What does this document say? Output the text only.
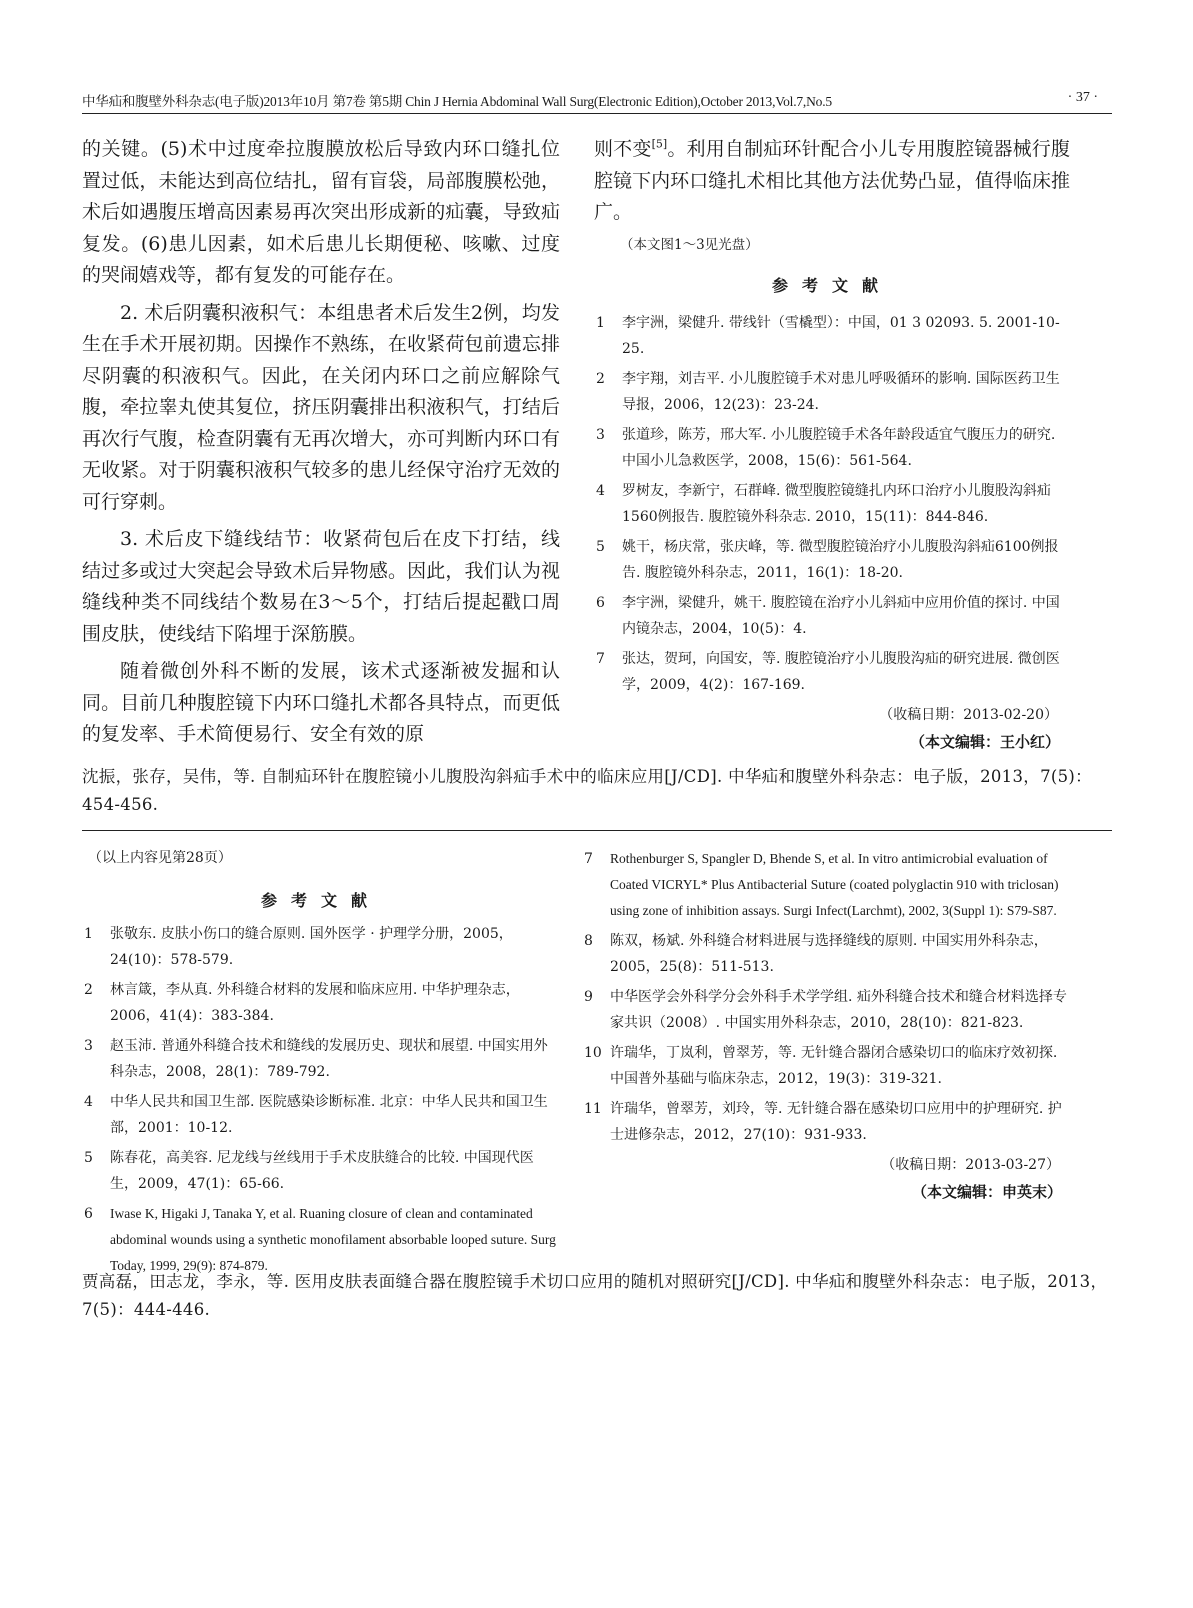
中华疝和腹壁外科杂志(电子版)2013年10月 第7卷 第5期 Chin J Hernia Abdominal Wall Surg(Electronic Edition),October 2013,Vol.7,No.5	· 37 ·

的关键。(5)术中过度牵拉腹膜放松后导致内环口缝扎位置过低，未能达到高位结扎，留有盲袋，局部腹膜松弛，术后如遇腹压增高因素易再次突出形成新的疝囊，导致疝复发。(6)患儿因素，如术后患儿长期便秘、咳嗽、过度的哭闹嬉戏等，都有复发的可能存在。

2. 术后阴囊积液积气：本组患者术后发生2例，均发生在手术开展初期。因操作不熟练，在收紧荷包前遗忘排尽阴囊的积液积气。因此，在关闭内环口之前应解除气腹，牵拉睾丸使其复位，挤压阴囊排出积液积气，打结后再次行气腹，检查阴囊有无再次增大，亦可判断内环口有无收紧。对于阴囊积液积气较多的患儿经保守治疗无效的可行穿刺。

3. 术后皮下缝线结节：收紧荷包后在皮下打结，线结过多或过大突起会导致术后异物感。因此，我们认为视缝线种类不同线结个数易在3～5个，打结后提起戳口周围皮肤，使线结下陷埋于深筋膜。

随着微创外科不断的发展，该术式逐渐被发掘和认同。目前几种腹腔镜下内环口缝扎术都各具特点，而更低的复发率、手术简便易行、安全有效的原

则不变[5]。利用自制疝环针配合小儿专用腹腔镜器械行腹腔镜下内环口缝扎术相比其他方法优势凸显，值得临床推广。

（本文图1～3见光盘）
参考文献
1 李宇洲，梁健升. 带线针（雪橇型）：中国，01 3 02093. 5. 2001-10-25.
2 李宇翔，刘吉平. 小儿腹腔镜手术对患儿呼吸循环的影响. 国际医药卫生导报，2006，12(23)：23-24.
3 张道珍，陈芳，邢大军. 小儿腹腔镜手术各年龄段适宜气腹压力的研究. 中国小儿急救医学，2008，15(6)：561-564.
4 罗树友，李新宁，石群峰. 微型腹腔镜缝扎内环口治疗小儿腹股沟斜疝1560例报告. 腹腔镜外科杂志. 2010，15(11)：844-846.
5 姚干，杨庆常，张庆峰，等. 微型腹腔镜治疗小儿腹股沟斜疝6100例报告. 腹腔镜外科杂志，2011，16(1)：18-20.
6 李宇洲，梁健升，姚干. 腹腔镜在治疗小儿斜疝中应用价值的探讨. 中国内镜杂志，2004，10(5)：4.
7 张达，贺珂，向国安，等. 腹腔镜治疗小儿腹股沟疝的研究进展. 微创医学，2009，4(2)：167-169.
（收稿日期：2013-02-20）
（本文编辑：王小红）
沈振，张存，吴伟，等. 自制疝环针在腹腔镜小儿腹股沟斜疝手术中的临床应用[J/CD]. 中华疝和腹壁外科杂志：电子版，2013，7(5)：454-456.
（以上内容见第28页）
参考文献
1 张敬东. 皮肤小伤口的缝合原则. 国外医学 · 护理学分册，2005，24(10)：578-579.
2 林言箴，李从真. 外科缝合材料的发展和临床应用. 中华护理杂志，2006，41(4)：383-384.
3 赵玉沛. 普通外科缝合技术和缝线的发展历史、现状和展望. 中国实用外科杂志，2008，28(1)：789-792.
4 中华人民共和国卫生部. 医院感染诊断标准. 北京：中华人民共和国卫生部，2001：10-12.
5 陈春花，高美容. 尼龙线与丝线用于手术皮肤缝合的比较. 中国现代医生，2009，47(1)：65-66.
6 Iwase K, Higaki J, Tanaka Y, et al. Ruaning closure of clean and contaminated abdominal wounds using a synthetic monofilament absorbable looped suture. Surg Today, 1999, 29(9): 874-879.
7 Rothenburger S, Spangler D, Bhende S, et al. In vitro antimicrobial evaluation of Coated VICRYL* Plus Antibacterial Suture (coated polyglactin 910 with triclosan) using zone of inhibition assays. Surgi Infect(Larchmt), 2002, 3(Suppl 1): S79-S87.
8 陈双，杨斌. 外科缝合材料进展与选择缝线的原则. 中国实用外科杂志，2005，25(8)：511-513.
9 中华医学会外科学分会外科手术学学组. 疝外科缝合技术和缝合材料选择专家共识（2008）. 中国实用外科杂志，2010，28(10)：821-823.
10 许瑞华，丁岚利，曾翠芳，等. 无针缝合器闭合感染切口的临床疗效初探. 中国普外基础与临床杂志，2012，19(3)：319-321.
11 许瑞华，曾翠芳，刘玲，等. 无针缝合器在感染切口应用中的护理研究. 护士进修杂志，2012，27(10)：931-933.
（收稿日期：2013-03-27）
（本文编辑：申英末）
贾高磊，田志龙，李永，等. 医用皮肤表面缝合器在腹腔镜手术切口应用的随机对照研究[J/CD]. 中华疝和腹壁外科杂志：电子版，2013，7(5)：444-446.
